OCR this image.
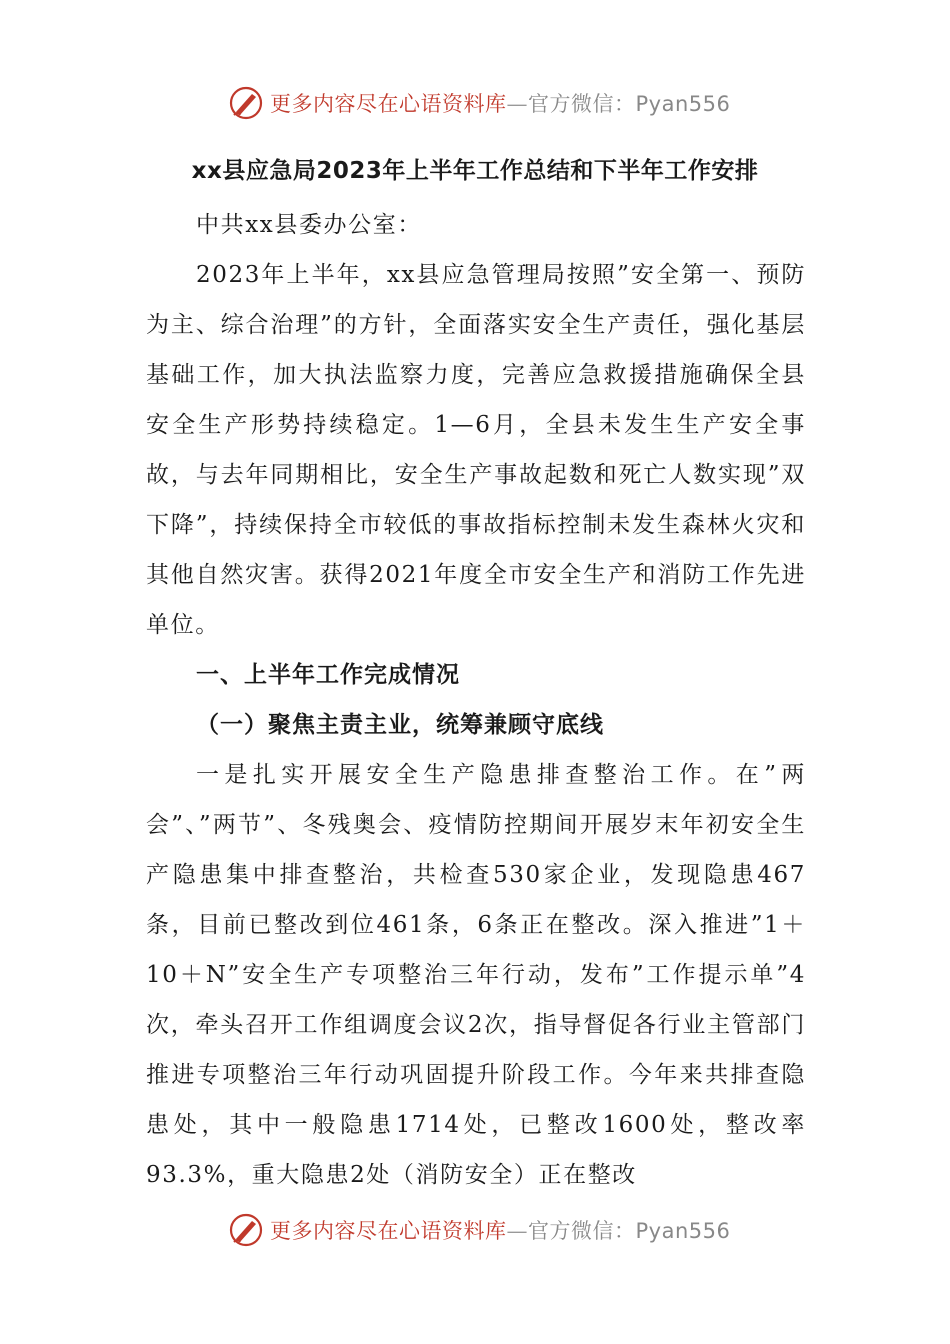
更多内容尽在心语资料库—官方微信：Pyan556
xx县应急局2023年上半年工作总结和下半年工作安排

中共xx县委办公室：

2023年上半年，xx县应急管理局按照”安全第一、预防为主、综合治理”的方针，全面落实安全生产责任，强化基层基础工作，加大执法监察力度，完善应急救援措施确保全县安全生产形势持续稳定。1—6月，全县未发生生产安全事故，与去年同期相比，安全生产事故起数和死亡人数实现”双下降”，持续保持全市较低的事故指标控制未发生森林火灾和其他自然灾害。获得2021年度全市安全生产和消防工作先进单位。

一、上半年工作完成情况

（一）聚焦主责主业，统筹兼顾守底线

一是扎实开展安全生产隐患排查整治工作。在”两会”、”两节”、冬残奥会、疫情防控期间开展岁末年初安全生产隐患集中排查整治，共检查530家企业，发现隐患467条，目前已整改到位461条，6条正在整改。深入推进”1＋10＋N”安全生产专项整治三年行动，发布”工作提示单”4次，牵头召开工作组调度会议2次，指导督促各行业主管部门推进专项整治三年行动巩固提升阶段工作。今年来共排查隐患处，其中一般隐患1714处，已整改1600处，整改率93.3%，重大隐患2处（消防安全）正在整改

更多内容尽在心语资料库—官方微信：Pyan556
